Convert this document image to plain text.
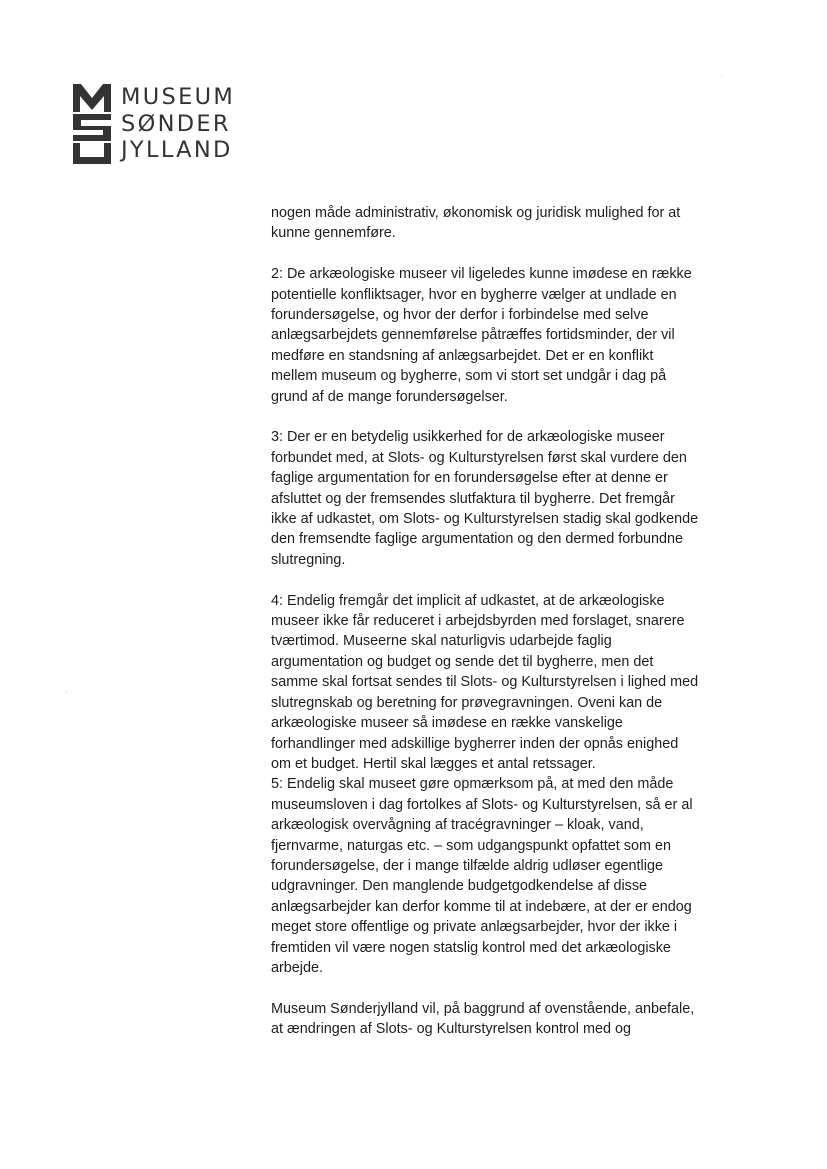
MUSEUM
SØNDER
JYLLAND
nogen måde administrativ, økonomisk og juridisk mulighed for at
kunne gennemføre.
2: De arkæologiske museer vil ligeledes kunne imødese en række
potentielle konfliktsager, hvor en bygherre vælger at undlade en
forundersøgelse, og hvor der derfor i forbindelse med selve
anlægsarbejdets gennemførelse påtræffes fortidsminder, der vil
medføre en standsning af anlægsarbejdet. Det er en konflikt
mellem museum og bygherre, som vi stort set undgår i dag på
grund af de mange forundersøgelser.
3: Der er en betydelig usikkerhed for de arkæologiske museer
forbundet med, at Slots- og Kulturstyrelsen først skal vurdere den
faglige argumentation for en forundersøgelse efter at denne er
afsluttet og der fremsendes slutfaktura til bygherre. Det fremgår
ikke af udkastet, om Slots- og Kulturstyrelsen stadig skal godkende
den fremsendte faglige argumentation og den dermed forbundne
slutregning.
4: Endelig fremgår det implicit af udkastet, at de arkæologiske
museer ikke får reduceret i arbejdsbyrden med forslaget, snarere
tværtimod. Museerne skal naturligvis udarbejde faglig
argumentation og budget og sende det til bygherre, men det
samme skal fortsat sendes til Slots- og Kulturstyrelsen i lighed med
slutregnskab og beretning for prøvegravningen. Oveni kan de
arkæologiske museer så imødese en række vanskelige
forhandlinger med adskillige bygherrer inden der opnås enighed
om et budget. Hertil skal lægges et antal retssager.
5: Endelig skal museet gøre opmærksom på, at med den måde
museumsloven i dag fortolkes af Slots- og Kulturstyrelsen, så er al
arkæologisk overvågning af tracégravninger – kloak, vand,
fjernvarme, naturgas etc. – som udgangspunkt opfattet som en
forundersøgelse, der i mange tilfælde aldrig udløser egentlige
udgravninger. Den manglende budgetgodkendelse af disse
anlægsarbejder kan derfor komme til at indebære, at der er endog
meget store offentlige og private anlægsarbejder, hvor der ikke i
fremtiden vil være nogen statslig kontrol med det arkæologiske
arbejde.
Museum Sønderjylland vil, på baggrund af ovenstående, anbefale,
at ændringen af Slots- og Kulturstyrelsen kontrol med og
